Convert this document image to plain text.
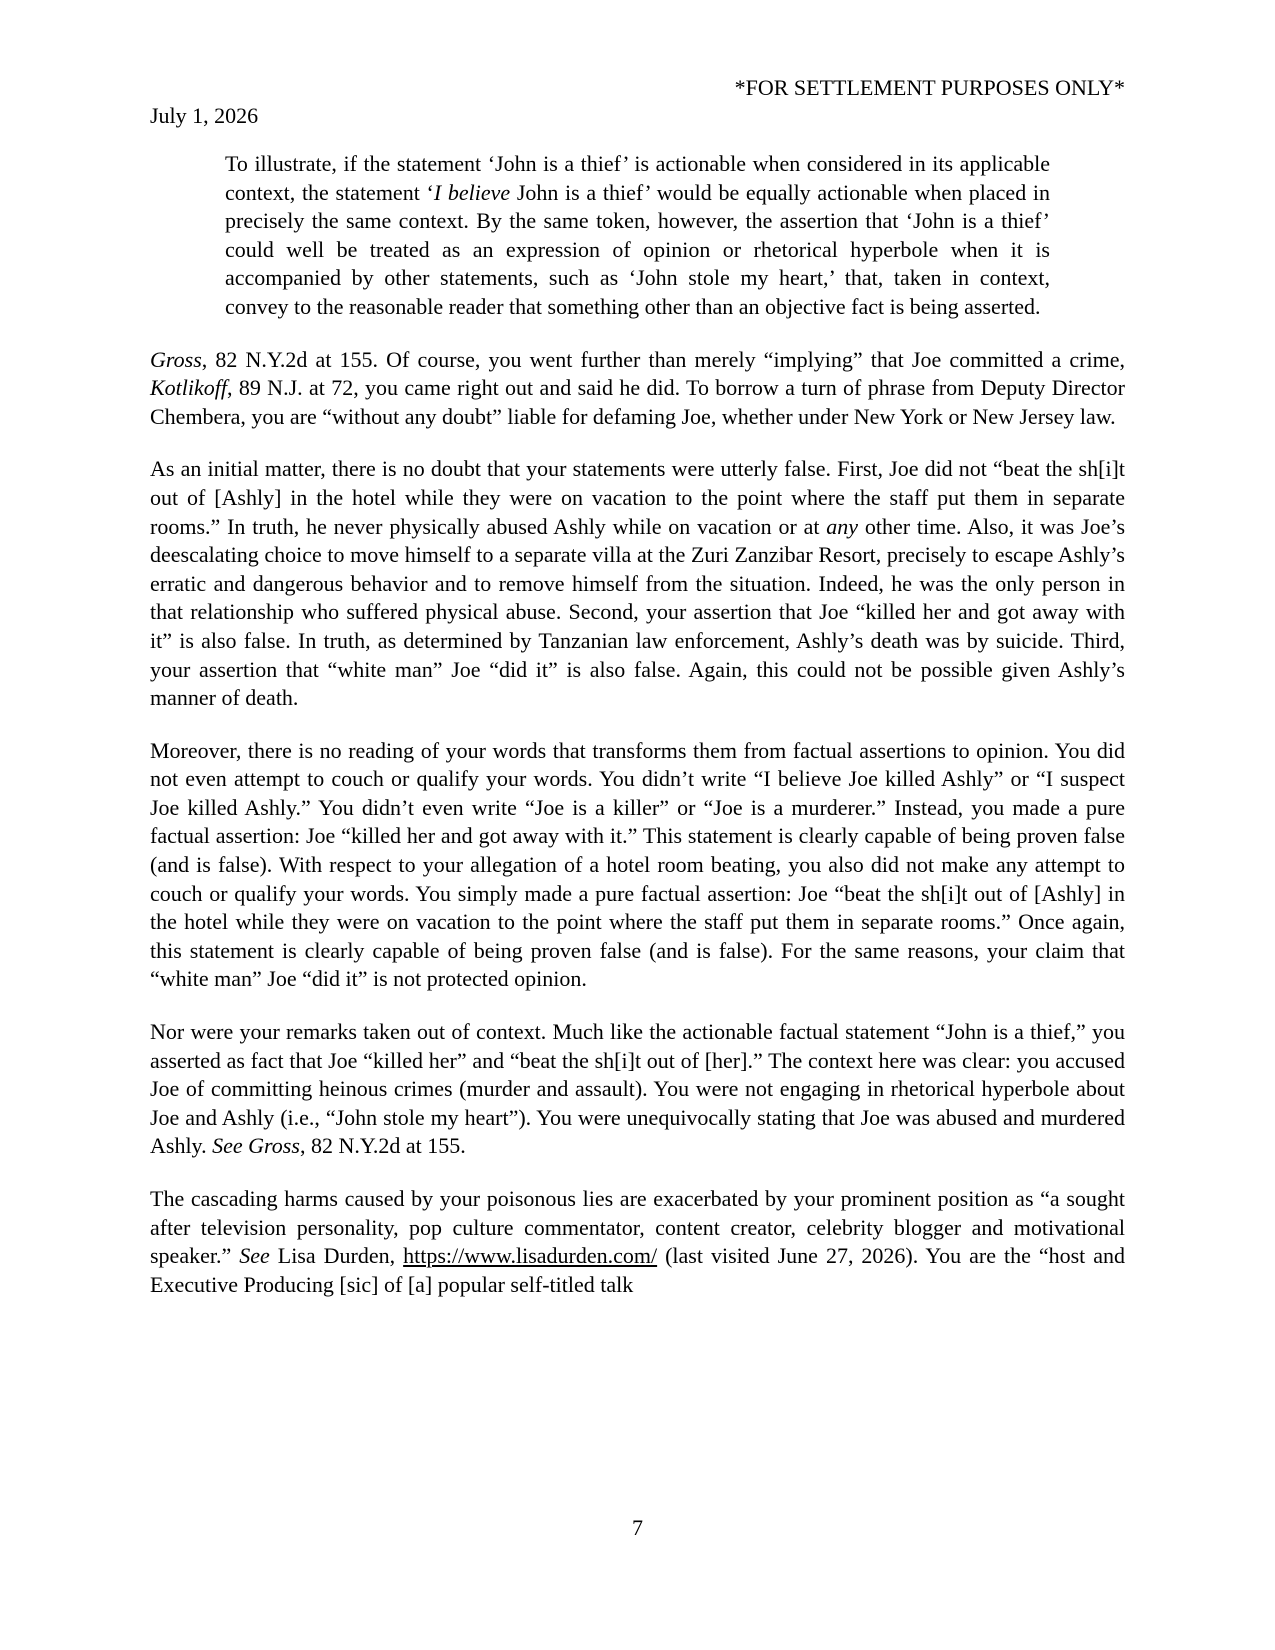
*FOR SETTLEMENT PURPOSES ONLY*
July 1, 2026

To illustrate, if the statement ‘John is a thief’ is actionable when considered in its applicable context, the statement ‘I believe John is a thief’ would be equally actionable when placed in precisely the same context. By the same token, however, the assertion that ‘John is a thief’ could well be treated as an expression of opinion or rhetorical hyperbole when it is accompanied by other statements, such as ‘John stole my heart,’ that, taken in context, convey to the reasonable reader that something other than an objective fact is being asserted.

Gross, 82 N.Y.2d at 155. Of course, you went further than merely “implying” that Joe committed a crime, Kotlikoff, 89 N.J. at 72, you came right out and said he did. To borrow a turn of phrase from Deputy Director Chembera, you are “without any doubt” liable for defaming Joe, whether under New York or New Jersey law.

As an initial matter, there is no doubt that your statements were utterly false. First, Joe did not “beat the sh[i]t out of [Ashly] in the hotel while they were on vacation to the point where the staff put them in separate rooms.” In truth, he never physically abused Ashly while on vacation or at any other time. Also, it was Joe’s deescalating choice to move himself to a separate villa at the Zuri Zanzibar Resort, precisely to escape Ashly’s erratic and dangerous behavior and to remove himself from the situation. Indeed, he was the only person in that relationship who suffered physical abuse. Second, your assertion that Joe “killed her and got away with it” is also false. In truth, as determined by Tanzanian law enforcement, Ashly’s death was by suicide. Third, your assertion that “white man” Joe “did it” is also false. Again, this could not be possible given Ashly’s manner of death.

Moreover, there is no reading of your words that transforms them from factual assertions to opinion. You did not even attempt to couch or qualify your words. You didn’t write “I believe Joe killed Ashly” or “I suspect Joe killed Ashly.” You didn’t even write “Joe is a killer” or “Joe is a murderer.” Instead, you made a pure factual assertion: Joe “killed her and got away with it.” This statement is clearly capable of being proven false (and is false). With respect to your allegation of a hotel room beating, you also did not make any attempt to couch or qualify your words. You simply made a pure factual assertion: Joe “beat the sh[i]t out of [Ashly] in the hotel while they were on vacation to the point where the staff put them in separate rooms.” Once again, this statement is clearly capable of being proven false (and is false). For the same reasons, your claim that “white man” Joe “did it” is not protected opinion.

Nor were your remarks taken out of context. Much like the actionable factual statement “John is a thief,” you asserted as fact that Joe “killed her” and “beat the sh[i]t out of [her].” The context here was clear: you accused Joe of committing heinous crimes (murder and assault). You were not engaging in rhetorical hyperbole about Joe and Ashly (i.e., “John stole my heart”). You were unequivocally stating that Joe was abused and murdered Ashly. See Gross, 82 N.Y.2d at 155.

The cascading harms caused by your poisonous lies are exacerbated by your prominent position as “a sought after television personality, pop culture commentator, content creator, celebrity blogger and motivational speaker.” See Lisa Durden, https://www.lisadurden.com/ (last visited June 27, 2026). You are the “host and Executive Producing [sic] of [a] popular self-titled talk

7
